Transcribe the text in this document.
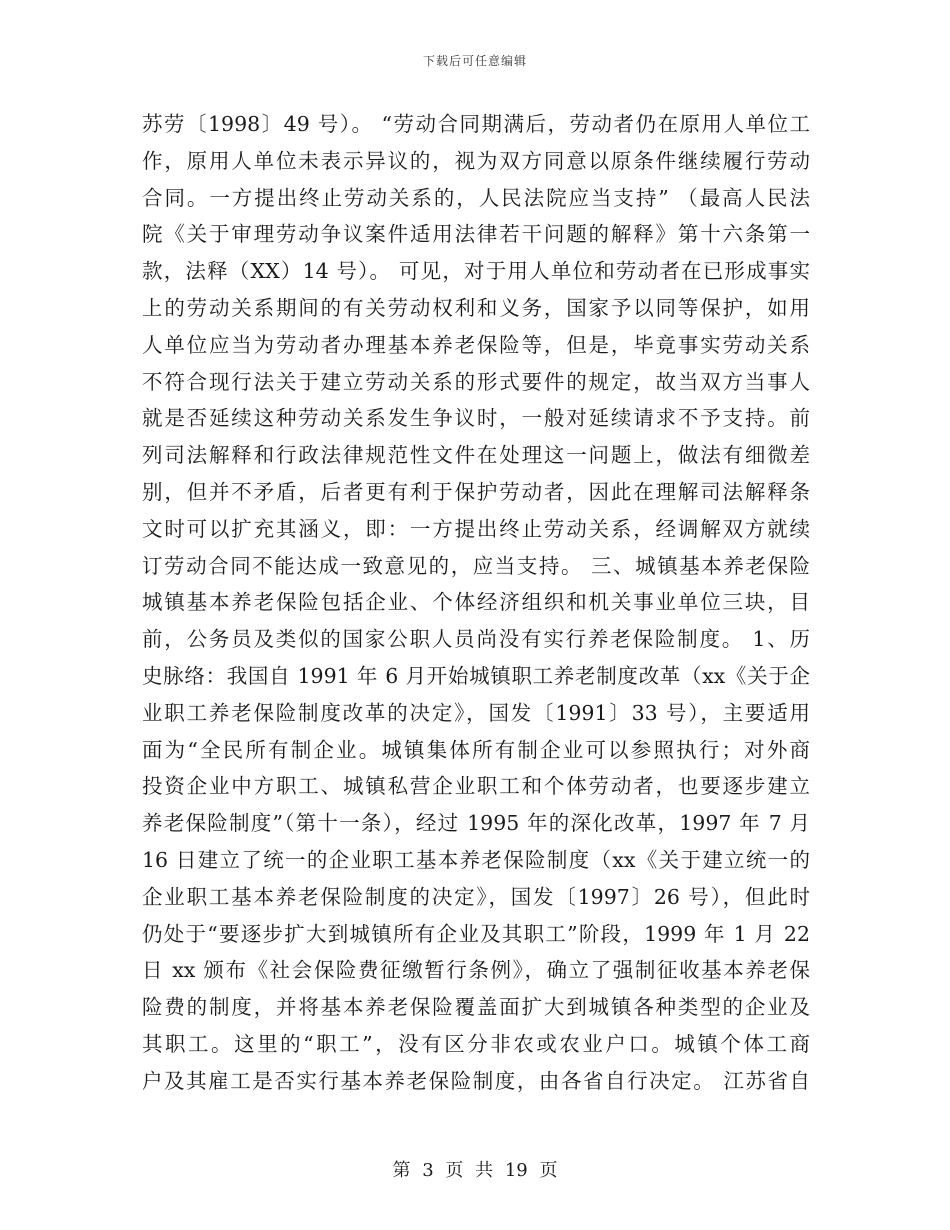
下载后可任意编辑
苏劳〔1998〕49 号）。 “劳动合同期满后，劳动者仍在原用人单位工
作，原用人单位未表示异议的，视为双方同意以原条件继续履行劳动
合同。一方提出终止劳动关系的，人民法院应当支持” （最高人民法
院《关于审理劳动争议案件适用法律若干问题的解释》第十六条第一
款，法释（XX）14 号）。 可见，对于用人单位和劳动者在已形成事实
上的劳动关系期间的有关劳动权利和义务，国家予以同等保护，如用
人单位应当为劳动者办理基本养老保险等，但是，毕竟事实劳动关系
不符合现行法关于建立劳动关系的形式要件的规定，故当双方当事人
就是否延续这种劳动关系发生争议时，一般对延续请求不予支持。前
列司法解释和行政法律规范性文件在处理这一问题上，做法有细微差
别，但并不矛盾，后者更有利于保护劳动者，因此在理解司法解释条
文时可以扩充其涵义，即：一方提出终止劳动关系，经调解双方就续
订劳动合同不能达成一致意见的，应当支持。 三、城镇基本养老保险
城镇基本养老保险包括企业、个体经济组织和机关事业单位三块，目
前，公务员及类似的国家公职人员尚没有实行养老保险制度。 1、历
史脉络：我国自 1991 年 6 月开始城镇职工养老制度改革（xx《关于企
业职工养老保险制度改革的决定》，国发〔1991〕33 号），主要适用
面为“全民所有制企业。城镇集体所有制企业可以参照执行；对外商
投资企业中方职工、城镇私营企业职工和个体劳动者，也要逐步建立
养老保险制度”（第十一条），经过 1995 年的深化改革，1997 年 7 月
16 日建立了统一的企业职工基本养老保险制度（xx《关于建立统一的
企业职工基本养老保险制度的决定》，国发〔1997〕26 号），但此时
仍处于“要逐步扩大到城镇所有企业及其职工”阶段，1999 年 1 月 22
日 xx 颁布《社会保险费征缴暂行条例》，确立了强制征收基本养老保
险费的制度，并将基本养老保险覆盖面扩大到城镇各种类型的企业及
其职工。这里的“职工”，没有区分非农或农业户口。城镇个体工商
户及其雇工是否实行基本养老保险制度，由各省自行决定。 江苏省自
第 3 页 共 19 页
